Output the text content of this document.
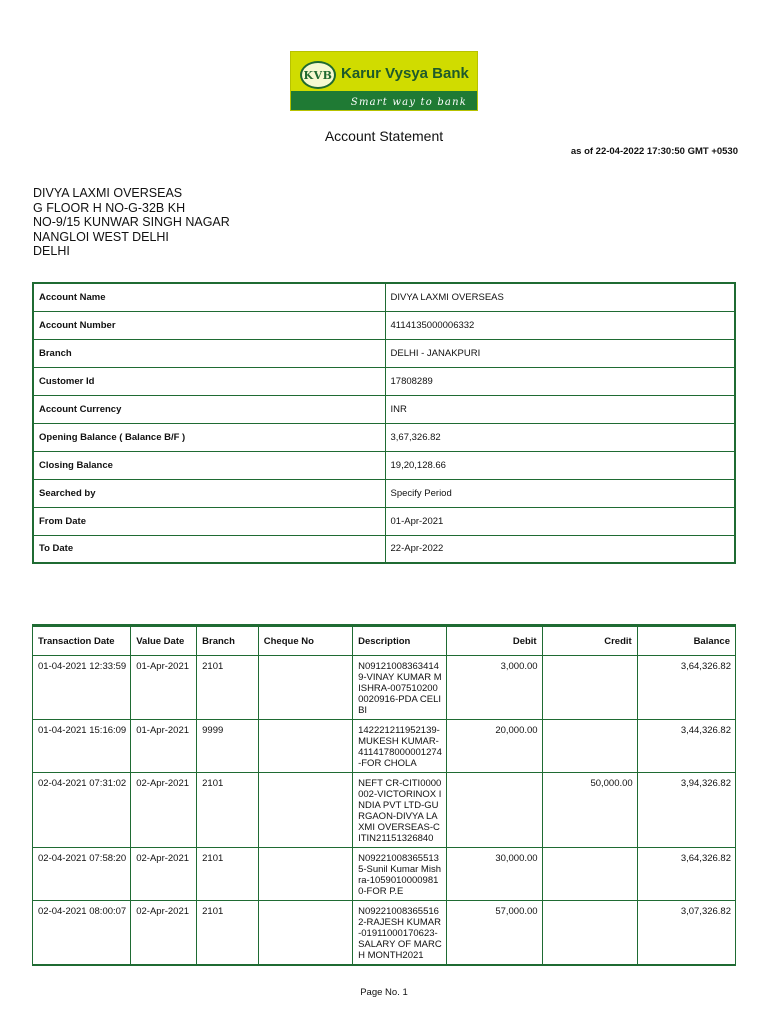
KVB Karur Vysya Bank
Smart way to bank
Account Statement
as of 22-04-2022 17:30:50 GMT +0530
DIVYA LAXMI OVERSEAS
G FLOOR H NO-G-32B KH
NO-9/15 KUNWAR SINGH NAGAR
NANGLOI WEST DELHI
DELHI
Account Name	DIVYA LAXMI OVERSEAS
Account Number	4114135000006332
Branch	DELHI - JANAKPURI
Customer Id	17808289
Account Currency	INR
Opening Balance ( Balance B/F )	3,67,326.82
Closing Balance	19,20,128.66
Searched by	Specify Period
From Date	01-Apr-2021
To Date	22-Apr-2022
Transaction Date	Value Date	Branch	Cheque No	Description	Debit	Credit	Balance
01-04-2021 12:33:59	01-Apr-2021	2101		N091210083634149-VINAY KUMAR MISHRA-0075102000020916-PDA CELIBI	3,000.00		3,64,326.82
01-04-2021 15:16:09	01-Apr-2021	9999		142221211952139-MUKESH KUMAR-4114178000001274-FOR CHOLA	20,000.00		3,44,326.82
02-04-2021 07:31:02	02-Apr-2021	2101		NEFT CR-CITI0000002-VICTORINOX INDIA PVT LTD-GURGAON-DIVYA LAXMI OVERSEAS-CITIN21151326840		50,000.00	3,94,326.82
02-04-2021 07:58:20	02-Apr-2021	2101		N092210083655135-Sunil Kumar Mishra-10590100009810-FOR P.E	30,000.00		3,64,326.82
02-04-2021 08:00:07	02-Apr-2021	2101		N092210083655162-RAJESH KUMAR-01911000170623-SALARY OF MARCH MONTH2021	57,000.00		3,07,326.82
Page No. 1
